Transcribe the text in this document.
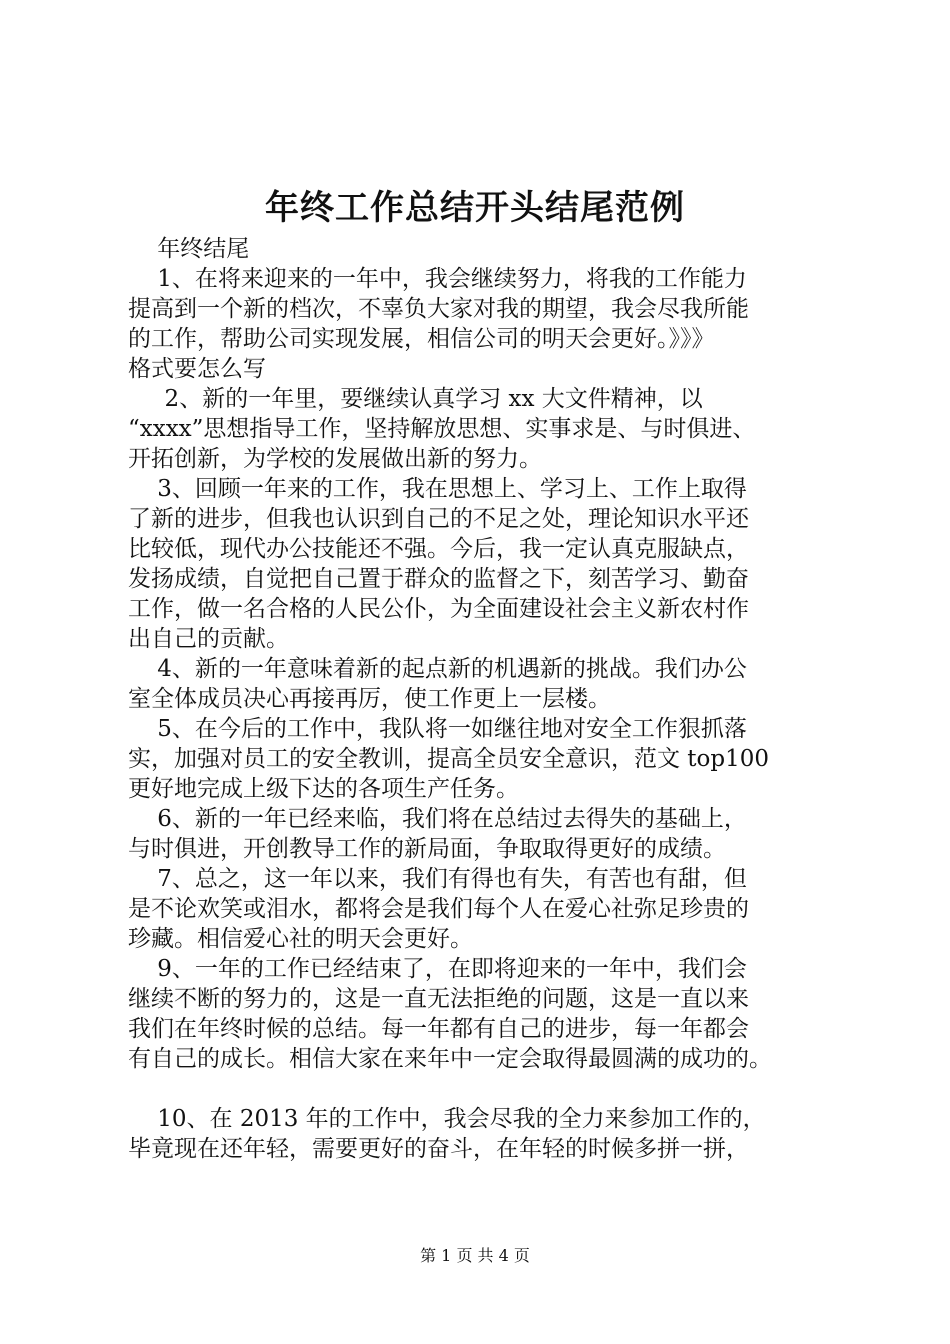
年终工作总结开头结尾范例
年终结尾
1、在将来迎来的一年中，我会继续努力，将我的工作能力
提高到一个新的档次，不辜负大家对我的期望，我会尽我所能
的工作，帮助公司实现发展，相信公司的明天会更好。》》》
格式要怎么写
2、新的一年里，要继续认真学习 xx 大文件精神，以
“xxxx”思想指导工作，坚持解放思想、实事求是、与时俱进、
开拓创新，为学校的发展做出新的努力。
3、回顾一年来的工作，我在思想上、学习上、工作上取得
了新的进步，但我也认识到自己的不足之处，理论知识水平还
比较低，现代办公技能还不强。今后，我一定认真克服缺点，
发扬成绩，自觉把自己置于群众的监督之下，刻苦学习、勤奋
工作，做一名合格的人民公仆，为全面建设社会主义新农村作
出自己的贡献。
4、新的一年意味着新的起点新的机遇新的挑战。我们办公
室全体成员决心再接再厉，使工作更上一层楼。
5、在今后的工作中，我队将一如继往地对安全工作狠抓落
实，加强对员工的安全教训，提高全员安全意识，范文 top100
更好地完成上级下达的各项生产任务。
6、新的一年已经来临，我们将在总结过去得失的基础上，
与时俱进，开创教导工作的新局面，争取取得更好的成绩。
7、总之，这一年以来，我们有得也有失，有苦也有甜，但
是不论欢笑或泪水，都将会是我们每个人在爱心社弥足珍贵的
珍藏。相信爱心社的明天会更好。
9、一年的工作已经结束了，在即将迎来的一年中，我们会
继续不断的努力的，这是一直无法拒绝的问题，这是一直以来
我们在年终时候的总结。每一年都有自己的进步，每一年都会
有自己的成长。相信大家在来年中一定会取得最圆满的成功的。
10、在 2013 年的工作中，我会尽我的全力来参加工作的，
毕竟现在还年轻，需要更好的奋斗，在年轻的时候多拼一拼，
第 1 页 共 4 页
